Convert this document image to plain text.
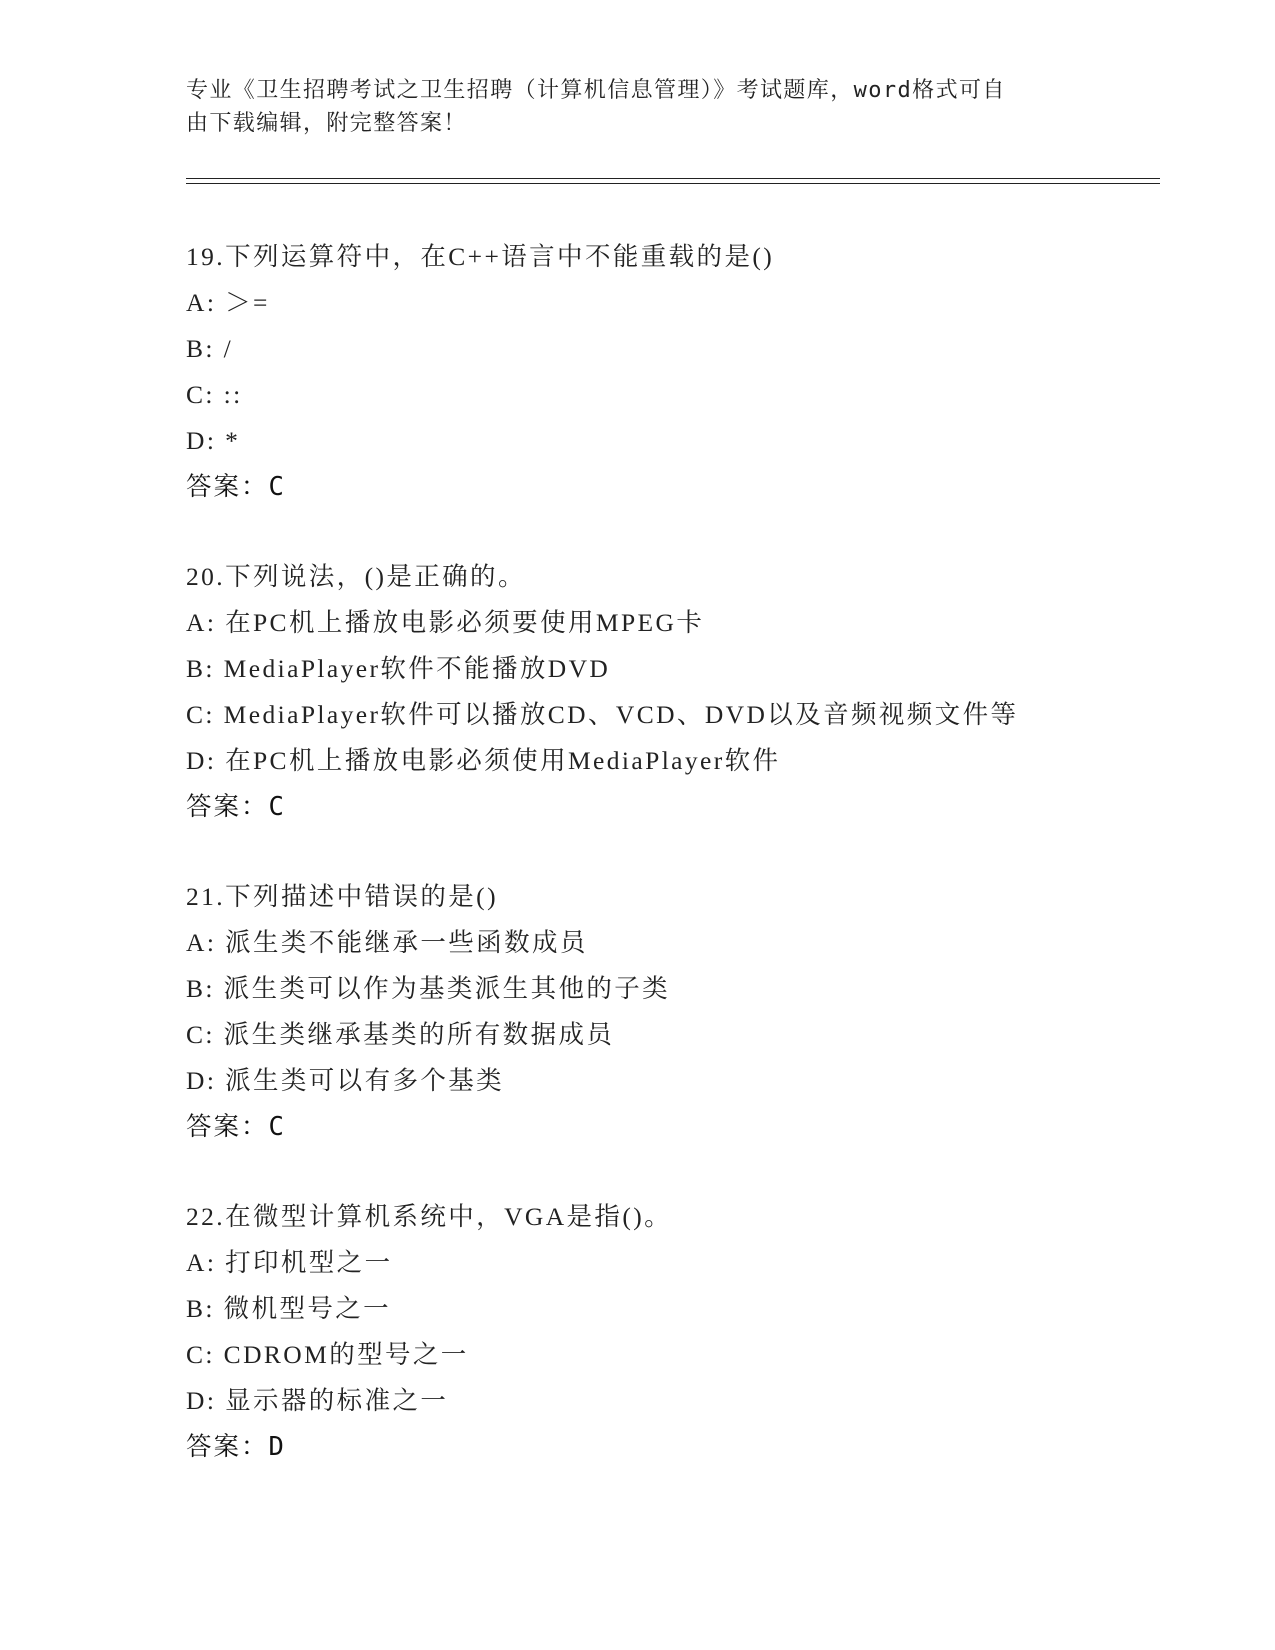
专业《卫生招聘考试之卫生招聘（计算机信息管理）》考试题库，word格式可自
由下载编辑，附完整答案！
19.下列运算符中，在C++语言中不能重载的是()
A: ＞=
B: /
C: ::
D: *
答案：C
20.下列说法，()是正确的。
A: 在PC机上播放电影必须要使用MPEG卡
B: MediaPlayer软件不能播放DVD
C: MediaPlayer软件可以播放CD、VCD、DVD以及音频视频文件等
D: 在PC机上播放电影必须使用MediaPlayer软件
答案：C
21.下列描述中错误的是()
A: 派生类不能继承一些函数成员
B: 派生类可以作为基类派生其他的子类
C: 派生类继承基类的所有数据成员
D: 派生类可以有多个基类
答案：C
22.在微型计算机系统中，VGA是指()。
A: 打印机型之一
B: 微机型号之一
C: CDROM的型号之一
D: 显示器的标准之一
答案：D
